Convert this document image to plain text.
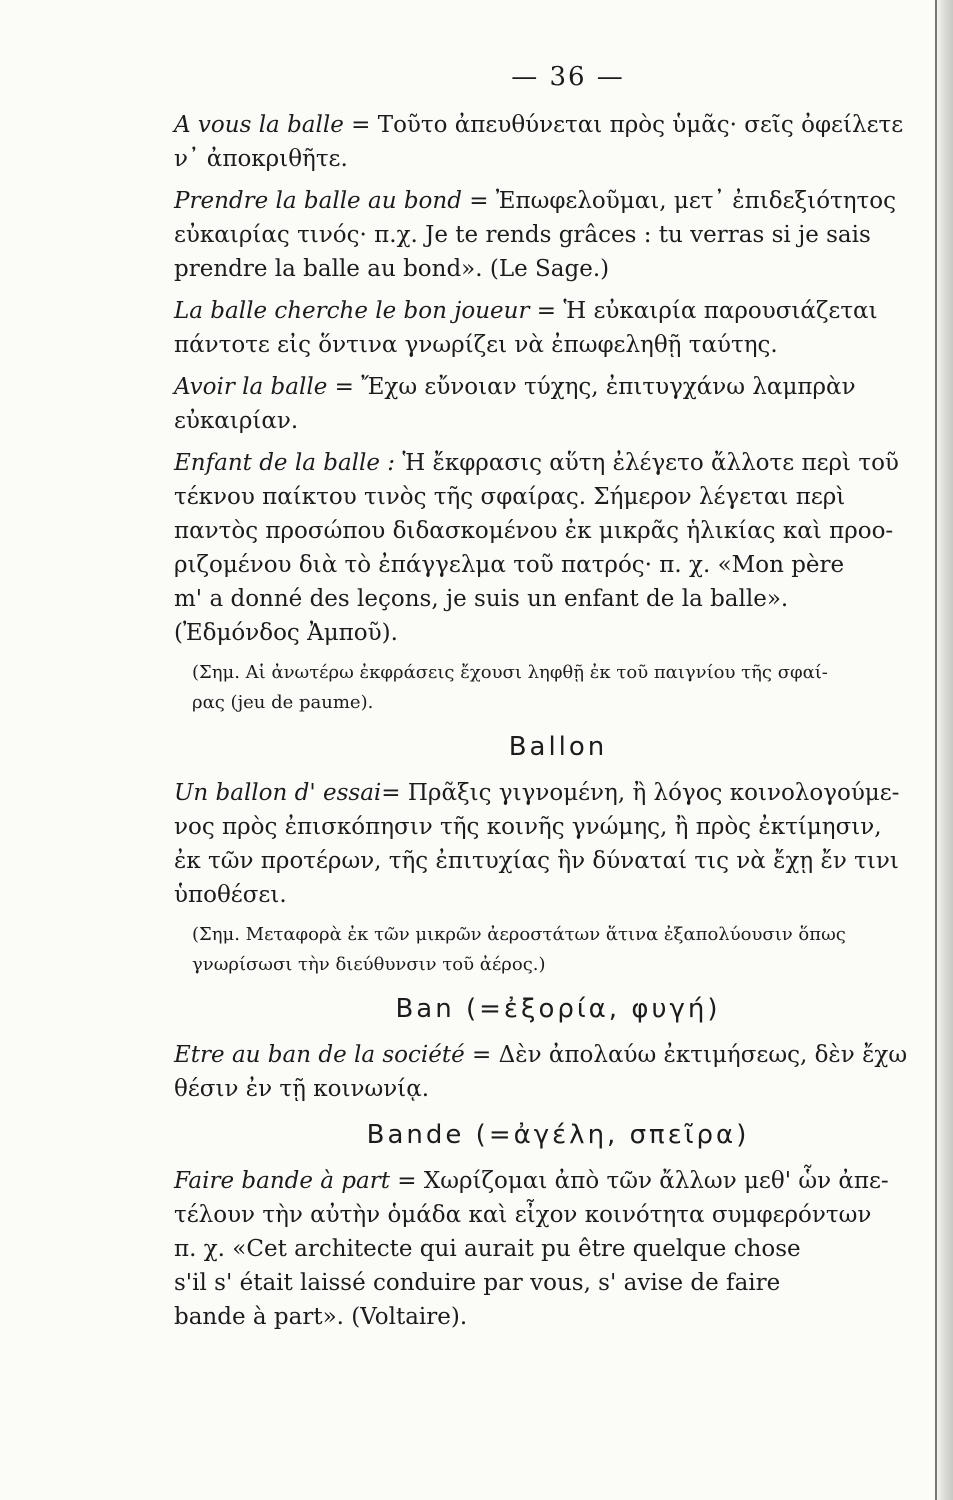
— 36 —
A vous la balle = Τοῦτο ἀπευθύνεται πρὸς ὑμᾶς· σεῖς ὀφείλετε
ν᾽ ἀποκριθῆτε.
Prendre la balle au bond = Ἐπωφελοῦμαι, μετ᾽ ἐπιδεξιότητος
εὐκαιρίας τινός· π.χ. Je te rends grâces : tu verras si je sais
prendre la balle au bond». (Le Sage.)
La balle cherche le bon joueur = Ἡ εὐκαιρία παρουσιάζεται
πάντοτε εἰς ὅντινα γνωρίζει νὰ ἐπωφεληθῇ ταύτης.
Avoir la balle = Ἔχω εὔνοιαν τύχης, ἐπιτυγχάνω λαμπρὰν
εὐκαιρίαν.
Enfant de la balle : Ἡ ἔκφρασις αὕτη ἐλέγετο ἄλλοτε περὶ τοῦ
τέκνου παίκτου τινὸς τῆς σφαίρας. Σήμερον λέγεται περὶ
παντὸς προσώπου διδασκομένου ἐκ μικρᾶς ἡλικίας καὶ προο-
ριζομένου διὰ τὸ ἐπάγγελμα τοῦ πατρός· π. χ. «Mon père
m' a donné des leçons, je suis un enfant de la balle».
(Ἐδμόνδος Ἀμποῦ).
(Σημ. Αἱ ἀνωτέρω ἐκφράσεις ἔχουσι ληφθῇ ἐκ τοῦ παιγνίου τῆς σφαί-
ρας (jeu de paume).
Ballon
Un ballon d' essai= Πρᾶξις γιγνομένη, ἢ λόγος κοινολογούμε-
νος πρὸς ἐπισκόπησιν τῆς κοινῆς γνώμης, ἢ πρὸς ἐκτίμησιν,
ἐκ τῶν προτέρων, τῆς ἐπιτυχίας ἣν δύναταί τις νὰ ἔχῃ ἔν τινι
ὑποθέσει.
(Σημ. Μεταφορὰ ἐκ τῶν μικρῶν ἀεροστάτων ἅτινα ἐξαπολύουσιν ὅπως
γνωρίσωσι τὴν διεύθυνσιν τοῦ ἀέρος.)
Ban (=ἐξορία, φυγή)
Etre au ban de la société = Δὲν ἀπολαύω ἐκτιμήσεως, δὲν ἔχω
θέσιν ἐν τῇ κοινωνίᾳ.
Bande (=ἀγέλη, σπεῖρα)
Faire bande à part = Χωρίζομαι ἀπὸ τῶν ἄλλων μεθ' ὧν ἀπε-
τέλουν τὴν αὐτὴν ὁμάδα καὶ εἶχον κοινότητα συμφερόντων
π. χ. «Cet architecte qui aurait pu être quelque chose
s'il s' était laissé conduire par vous, s' avise de faire
bande à part». (Voltaire).
